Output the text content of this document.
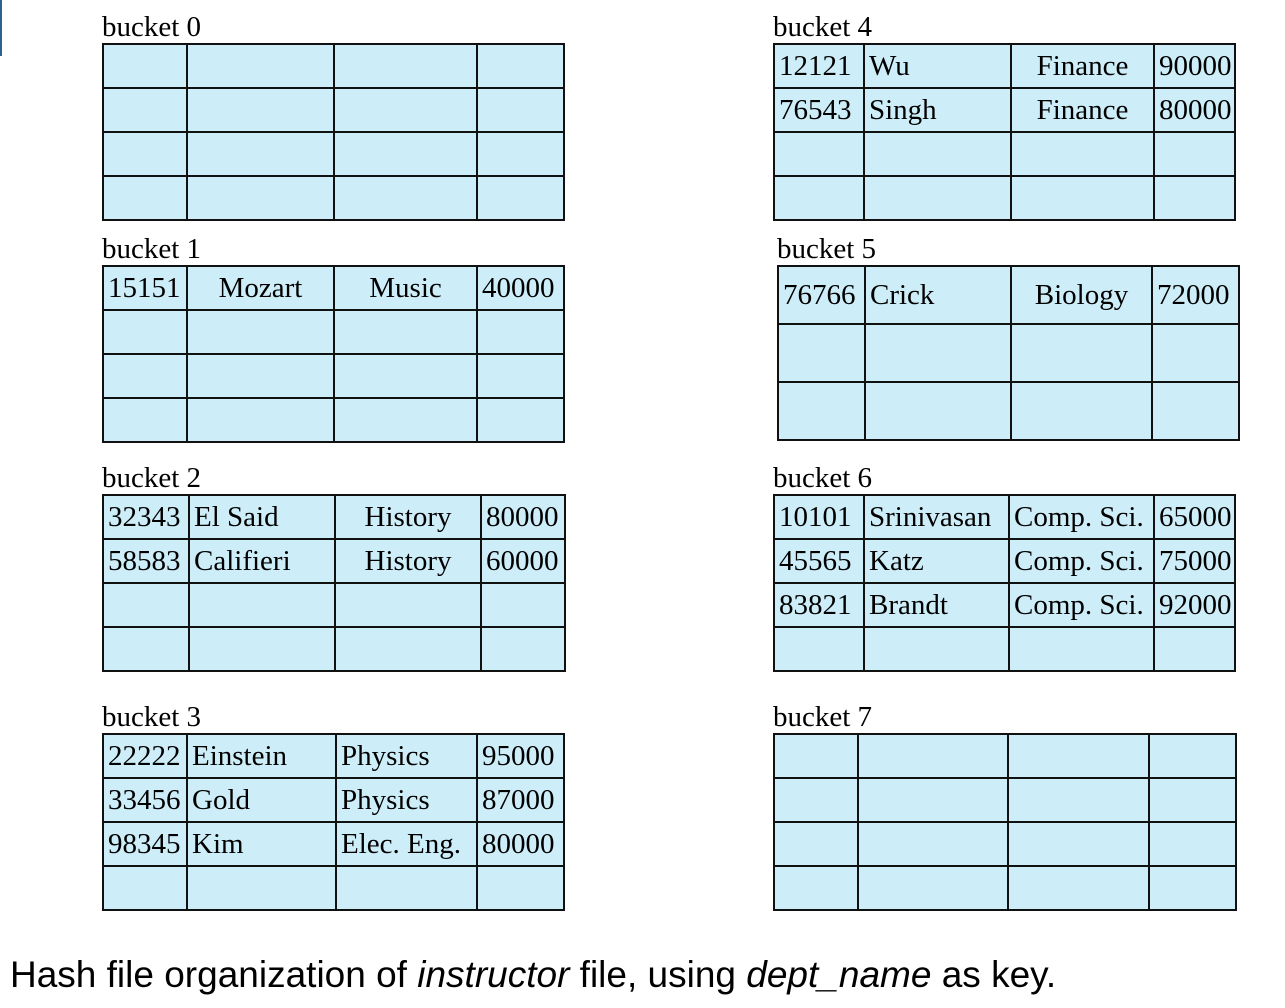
bucket 0

bucket 1
15151	Mozart	Music	40000

bucket 2
32343	El Said	History	80000
58583	Califieri	History	60000

bucket 3
22222	Einstein	Physics	95000
33456	Gold	Physics	87000
98345	Kim	Elec. Eng.	80000

bucket 4
12121	Wu	Finance	90000
76543	Singh	Finance	80000

bucket 5
76766	Crick	Biology	72000

bucket 6
10101	Srinivasan	Comp. Sci.	65000
45565	Katz	Comp. Sci.	75000
83821	Brandt	Comp. Sci.	92000

bucket 7

Hash file organization of instructor file, using dept_name as key.
